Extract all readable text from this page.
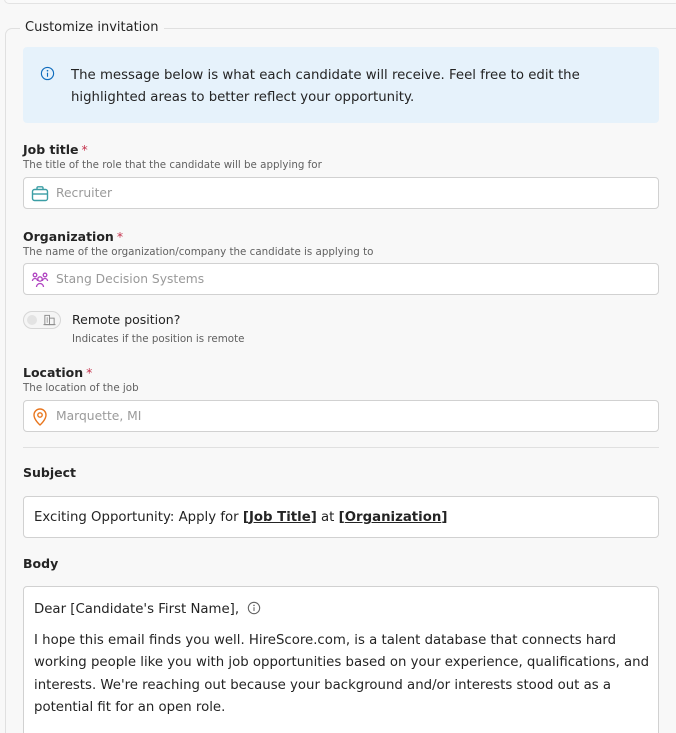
Customize invitation
The message below is what each candidate will receive. Feel free to edit the highlighted areas to better reflect your opportunity.
Job title *
The title of the role that the candidate will be applying for
Recruiter
Organization *
The name of the organization/company the candidate is applying to
Stang Decision Systems
Remote position?
Indicates if the position is remote
Location *
The location of the job
Marquette, MI
Subject
Exciting Opportunity: Apply for [Job Title] at [Organization]
Body
Dear [Candidate's First Name],
I hope this email finds you well. HireScore.com, is a talent database that connects hard working people like you with job opportunities based on your experience, qualifications, and interests. We're reaching out because your background and/or interests stood out as a potential fit for an open role.
